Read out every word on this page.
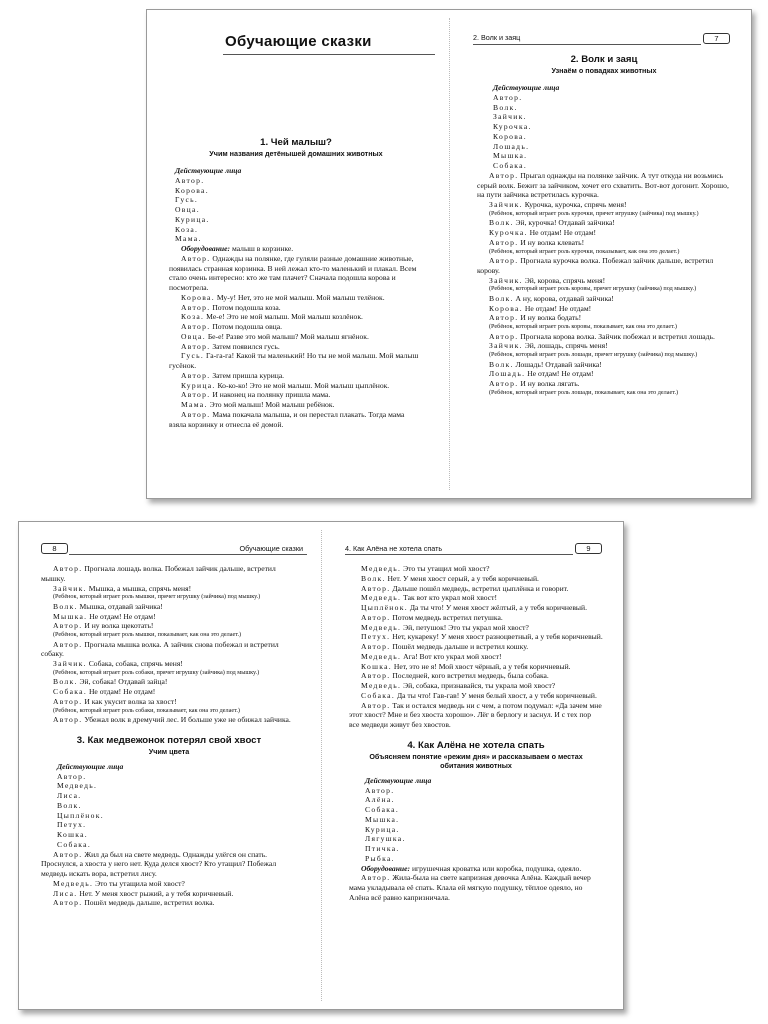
Обучающие сказки
1. Чей малыш?
Учим названия детёнышей домашних животных
Действующие лица
Автор.
Корова.
Гусь.
Овца.
Курица.
Коза.
Мама.

Оборудование: малыш в корзинке.

Автор. Однажды на полянке, где гуляли разные домашние животные, появилась странная корзинка. В ней лежал кто-то маленький и плакал. Всем стало очень интересно: кто же там плачет? Сначала подошла корова и посмотрела.

Корова. Му-у! Нет, это не мой малыш. Мой малыш телёнок.

Автор. Потом подошла коза.

Коза. Ме-е! Это не мой малыш. Мой малыш козлёнок.

Автор. Потом подошла овца.

Овца. Бе-е! Разве это мой малыш? Мой малыш ягнёнок.

Автор. Затем появился гусь.

Гусь. Га-га-га! Какой ты маленький! Но ты не мой малыш. Мой малыш гусёнок.

Автор. Затем пришла курица.

Курица. Ко-ко-ко! Это не мой малыш. Мой малыш цыплёнок.

Автор. И наконец на полянку пришла мама.

Мама. Это мой малыш! Мой малыш ребёнок.

Автор. Мама покачала малыша, и он перестал плакать. Тогда мама взяла корзинку и отнесла её домой.

2. Волк и заяц	7
2. Волк и заяц
Узнаём о повадках животных
Действующие лица
Автор.
Волк.
Зайчик.
Курочка.
Корова.
Лошадь.
Мышка.
Собака.

Автор. Прыгал однажды на полянке зайчик. А тут откуда ни возьмись серый волк. Бежит за зайчиком, хочет его схватить. Вот-вот догонит. Хорошо, на пути зайчика встретилась курочка.

Зайчик. Курочка, курочка, спрячь меня!

(Ребёнок, который играет роль курочки, прячет игрушку (зайчика) под мышку.)

Волк. Эй, курочка! Отдавай зайчика!

Курочка. Не отдам! Не отдам!

Автор. И ну волка клевать!

(Ребёнок, который играет роль курочки, показывает, как она это делает.)

Автор. Прогнала курочка волка. Побежал зайчик дальше, встретил корову.

Зайчик. Эй, корова, спрячь меня!

(Ребёнок, который играет роль коровы, прячет игрушку (зайчика) под мышку.)

Волк. А ну, корова, отдавай зайчика!

Корова. Не отдам! Не отдам!

Автор. И ну волка бодать!

(Ребёнок, который играет роль коровы, показывает, как она это делает.)

Автор. Прогнала корова волка. Зайчик побежал и встретил лошадь.

Зайчик. Эй, лошадь, спрячь меня!

(Ребёнок, который играет роль лошади, прячет игрушку (зайчика) под мышку.)

Волк. Лошадь! Отдавай зайчика!

Лошадь. Не отдам! Не отдам!

Автор. И ну волка лягать.

(Ребёнок, который играет роль лошади, показывает, как она это делает.)

8	Обучающие сказки

Автор. Прогнала лошадь волка. Побежал зайчик дальше, встретил мышку.

Зайчик. Мышка, а мышка, спрячь меня!

(Ребёнок, который играет роль мышки, прячет игрушку (зайчика) под мышку.)

Волк. Мышка, отдавай зайчика!

Мышка. Не отдам! Не отдам!

Автор. И ну волка щекотать!

(Ребёнок, который играет роль мышки, показывает, как она это делает.)

Автор. Прогнала мышка волка. А зайчик снова побежал и встретил собаку.

Зайчик. Собака, собака, спрячь меня!

(Ребёнок, который играет роль собаки, прячет игрушку (зайчика) под мышку.)

Волк. Эй, собака! Отдавай зайца!

Собака. Не отдам! Не отдам!

Автор. И как укусит волка за хвост!

(Ребёнок, который играет роль собаки, показывает, как она это делает.)

Автор. Убежал волк в дремучий лес. И больше уже не обижал зайчика.

3. Как медвежонок потерял свой хвост
Учим цвета
Действующие лица
Автор.
Медведь.
Лиса.
Волк.
Цыплёнок.
Петух.
Кошка.
Собака.

Автор. Жил да был на свете медведь. Однажды улёгся он спать. Проснулся, а хвоста у него нет. Куда делся хвост? Кто утащил? Побежал медведь искать вора, встретил лису.

Медведь. Это ты утащила мой хвост?

Лиса. Нет. У меня хвост рыжий, а у тебя коричневый.

Автор. Пошёл медведь дальше, встретил волка.

4. Как Алёна не хотела спать	9

Медведь. Это ты утащил мой хвост?

Волк. Нет. У меня хвост серый, а у тебя коричневый.

Автор. Дальше пошёл медведь, встретил цыплёнка и говорит.

Медведь. Так вот кто украл мой хвост!

Цыплёнок. Да ты что! У меня хвост жёлтый, а у тебя коричневый.

Автор. Потом медведь встретил петушка.

Медведь. Эй, петушок! Это ты украл мой хвост?

Петух. Нет, кукареку! У меня хвост разноцветный, а у тебя коричневый.

Автор. Пошёл медведь дальше и встретил кошку.

Медведь. Ага! Вот кто украл мой хвост!

Кошка. Нет, это не я! Мой хвост чёрный, а у тебя коричневый.

Автор. Последней, кого встретил медведь, была собака.

Медведь. Эй, собака, признавайся, ты украла мой хвост?

Собака. Да ты что! Гав-гав! У меня белый хвост, а у тебя коричневый.

Автор. Так и остался медведь ни с чем, а потом подумал: «Да зачем мне этот хвост? Мне и без хвоста хорошо». Лёг в берлогу и заснул. И с тех пор все медведи живут без хвостов.

4. Как Алёна не хотела спать
Объясняем понятие «режим дня» и рассказываем о местах обитания животных
Действующие лица
Автор.
Алёна.
Собака.
Мышка.
Курица.
Лягушка.
Птичка.
Рыбка.

Оборудование: игрушечная кроватка или коробка, подушка, одеяло.

Автор. Жила-была на свете капризная девочка Алёна. Каждый вечер мама укладывала её спать. Клала ей мягкую подушку, тёплое одеяло, но Алёна всё равно капризничала.
